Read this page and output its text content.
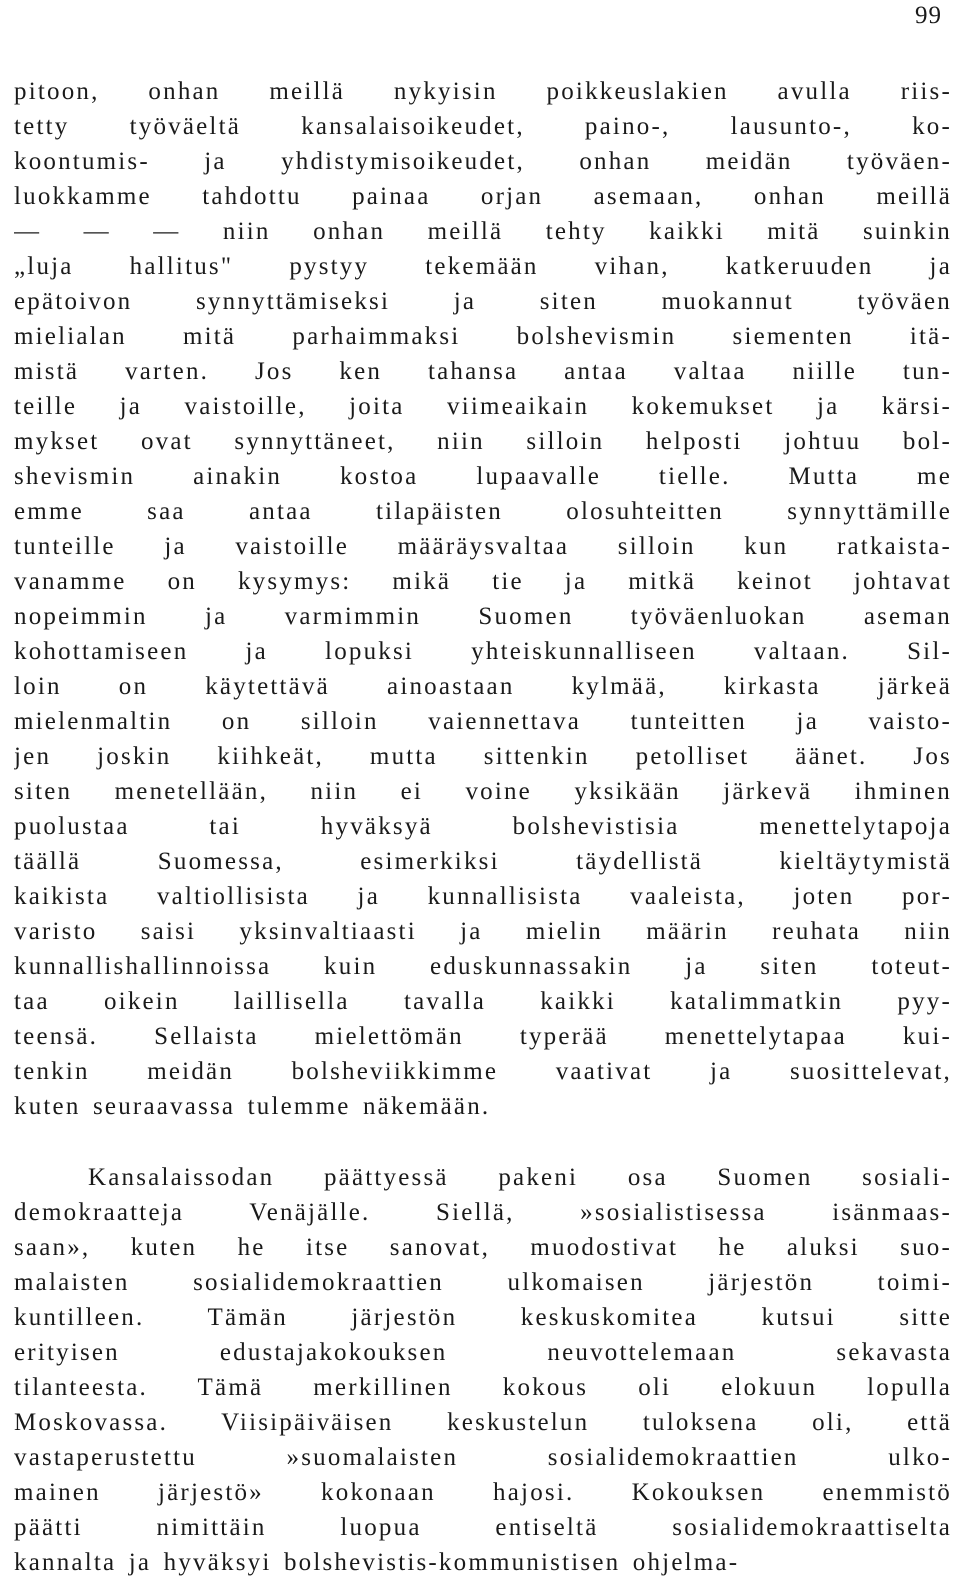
99
pitoon, onhan meillä nykyisin poikkeuslakien avulla riis-
tetty työväeltä kansalaisoikeudet, paino-, lausunto-, ko-
koontumis- ja yhdistymisoikeudet, onhan meidän työväen-
luokkamme tahdottu painaa orjan asemaan, onhan meillä
— — — niin onhan meillä tehty kaikki mitä suinkin
„luja hallitus" pystyy tekemään vihan, katkeruuden ja
epätoivon synnyttämiseksi ja siten muokannut työväen
mielialan mitä parhaimmaksi bolshevismin siementen itä-
mistä varten. Jos ken tahansa antaa valtaa niille tun-
teille ja vaistoille, joita viimeaikain kokemukset ja kärsi-
mykset ovat synnyttäneet, niin silloin helposti johtuu bol-
shevismin ainakin kostoa lupaavalle tielle. Mutta me
emme saa antaa tilapäisten olosuhteitten synnyttämille
tunteille ja vaistoille määräysvaltaa silloin kun ratkaista-
vanamme on kysymys: mikä tie ja mitkä keinot johtavat
nopeimmin ja varmimmin Suomen työväenluokan aseman
kohottamiseen ja lopuksi yhteiskunnalliseen valtaan. Sil-
loin on käytettävä ainoastaan kylmää, kirkasta järkeä
mielenmaltin on silloin vaiennettava tunteitten ja vaisto-
jen joskin kiihkeät, mutta sittenkin petolliset äänet. Jos
siten menetellään, niin ei voine yksikään järkevä ihminen
puolustaa tai hyväksyä bolshevistisia menettelytapoja
täällä Suomessa, esimerkiksi täydellistä kieltäytymistä
kaikista valtiollisista ja kunnallisista vaaleista, joten por-
varisto saisi yksinvaltiaasti ja mielin määrin reuhata niin
kunnallishallinnoissa kuin eduskunnassakin ja siten toteut-
taa oikein laillisella tavalla kaikki katalimmatkin pyy-
teensä. Sellaista mielettömän typerää menettelytapaa kui-
tenkin meidän bolsheviikkimme vaativat ja suosittelevat,
kuten seuraavassa tulemme näkemään.
Kansalaissodan päättyessä pakeni osa Suomen sosiali-
demokraatteja Venäjälle. Siellä, »sosialistisessa isänmaas-
saan», kuten he itse sanovat, muodostivat he aluksi suo-
malaisten sosialidemokraattien ulkomaisen järjestön toimi-
kuntilleen. Tämän järjestön keskuskomitea kutsui sitte
erityisen edustajakokouksen neuvottelemaan sekavasta
tilanteesta. Tämä merkillinen kokous oli elokuun lopulla
Moskovassa. Viisipäiväisen keskustelun tuloksena oli, että
vastaperustettu »suomalaisten sosialidemokraattien ulko-
mainen järjestö» kokonaan hajosi. Kokouksen enemmistö
päätti nimittäin luopua entiseltä sosialidemokraattiselta
kannalta ja hyväksyi bolshevistis-kommunistisen ohjelma-
